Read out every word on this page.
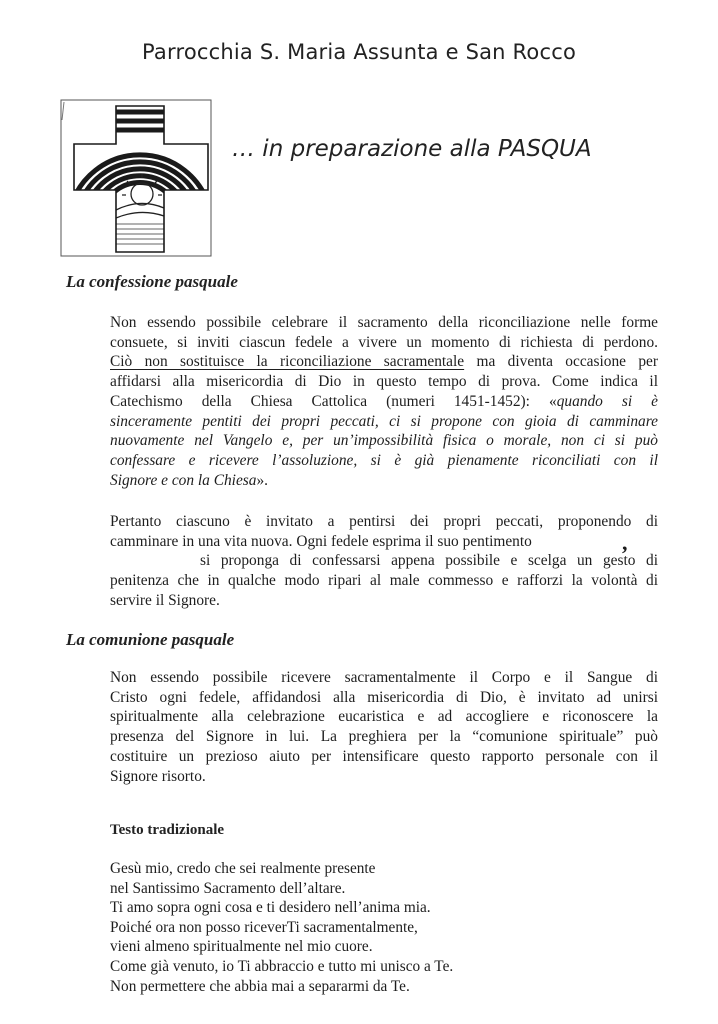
Parrocchia S. Maria Assunta e San Rocco
… in preparazione alla PASQUA
La confessione pasquale
Non essendo possibile celebrare il sacramento della riconciliazione nelle forme
consuete, si inviti ciascun fedele a vivere un momento di richiesta di perdono.
Ciò non sostituisce la riconciliazione sacramentale ma diventa occasione per
affidarsi alla misericordia di Dio in questo tempo di prova. Come indica il
Catechismo della Chiesa Cattolica (numeri 1451-1452): «quando si è
sinceramente pentiti dei propri peccati, ci si propone con gioia di camminare
nuovamente nel Vangelo e, per un’impossibilità fisica o morale, non ci si può
confessare e ricevere l’assoluzione, si è già pienamente riconciliati con il
Signore e con la Chiesa».
Pertanto ciascuno è invitato a pentirsi dei propri peccati, proponendo di
camminare in una vita nuova. Ogni fedele esprima il suo pentimento
si proponga di confessarsi appena possibile e scelga un gesto di
penitenza che in qualche modo ripari al male commesso e rafforzi la volontà di
servire il Signore.
,
La comunione pasquale
Non essendo possibile ricevere sacramentalmente il Corpo e il Sangue di
Cristo ogni fedele, affidandosi alla misericordia di Dio, è invitato ad unirsi
spiritualmente alla celebrazione eucaristica e ad accogliere e riconoscere la
presenza del Signore in lui. La preghiera per la “comunione spirituale” può
costituire un prezioso aiuto per intensificare questo rapporto personale con il
Signore risorto.
Testo tradizionale
Gesù mio, credo che sei realmente presente
nel Santissimo Sacramento dell’altare.
Ti amo sopra ogni cosa e ti desidero nell’anima mia.
Poiché ora non posso riceverTi sacramentalmente,
vieni almeno spiritualmente nel mio cuore.
Come già venuto, io Ti abbraccio e tutto mi unisco a Te.
Non permettere che abbia mai a separarmi da Te.
